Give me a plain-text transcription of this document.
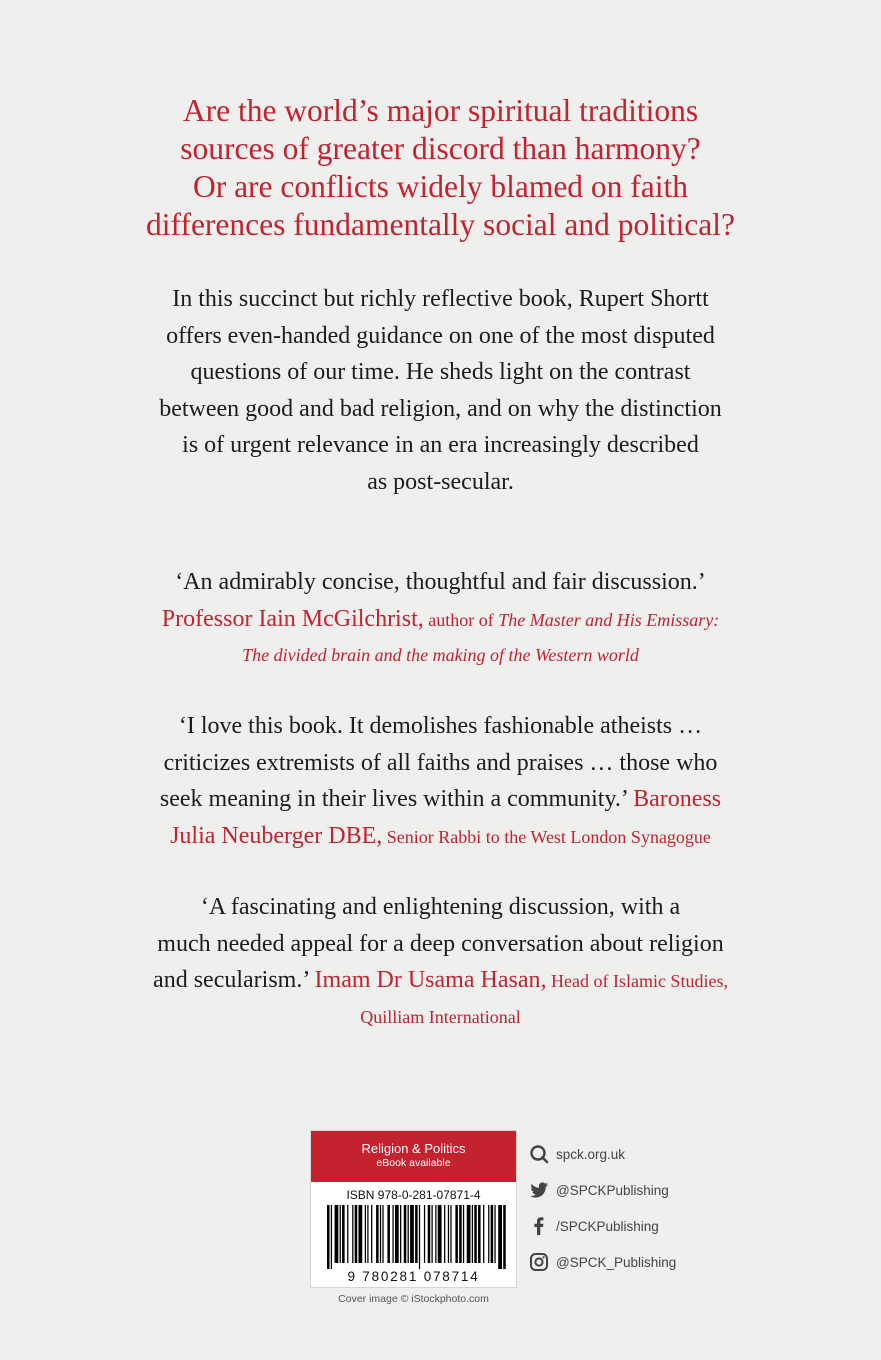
Are the world’s major spiritual traditions
sources of greater discord than harmony?
Or are conflicts widely blamed on faith
differences fundamentally social and political?

In this succinct but richly reflective book, Rupert Shortt
offers even-handed guidance on one of the most disputed
questions of our time. He sheds light on the contrast
between good and bad religion, and on why the distinction
is of urgent relevance in an era increasingly described
as post-secular.

‘An admirably concise, thoughtful and fair discussion.’
Professor Iain McGilchrist, author of The Master and His Emissary:
The divided brain and the making of the Western world
‘I love this book. It demolishes fashionable atheists …
criticizes extremists of all faiths and praises … those who
seek meaning in their lives within a community.’ Baroness
Julia Neuberger DBE, Senior Rabbi to the West London Synagogue
‘A fascinating and enlightening discussion, with a
much needed appeal for a deep conversation about religion
and secularism.’ Imam Dr Usama Hasan, Head of Islamic Studies,
Quilliam International
Religion & Politics
eBook available
ISBN 978-0-281-07871-4
9 780281 078714
Cover image © iStockphoto.com
spck.org.uk
@SPCKPublishing
/SPCKPublishing
@SPCK_Publishing
